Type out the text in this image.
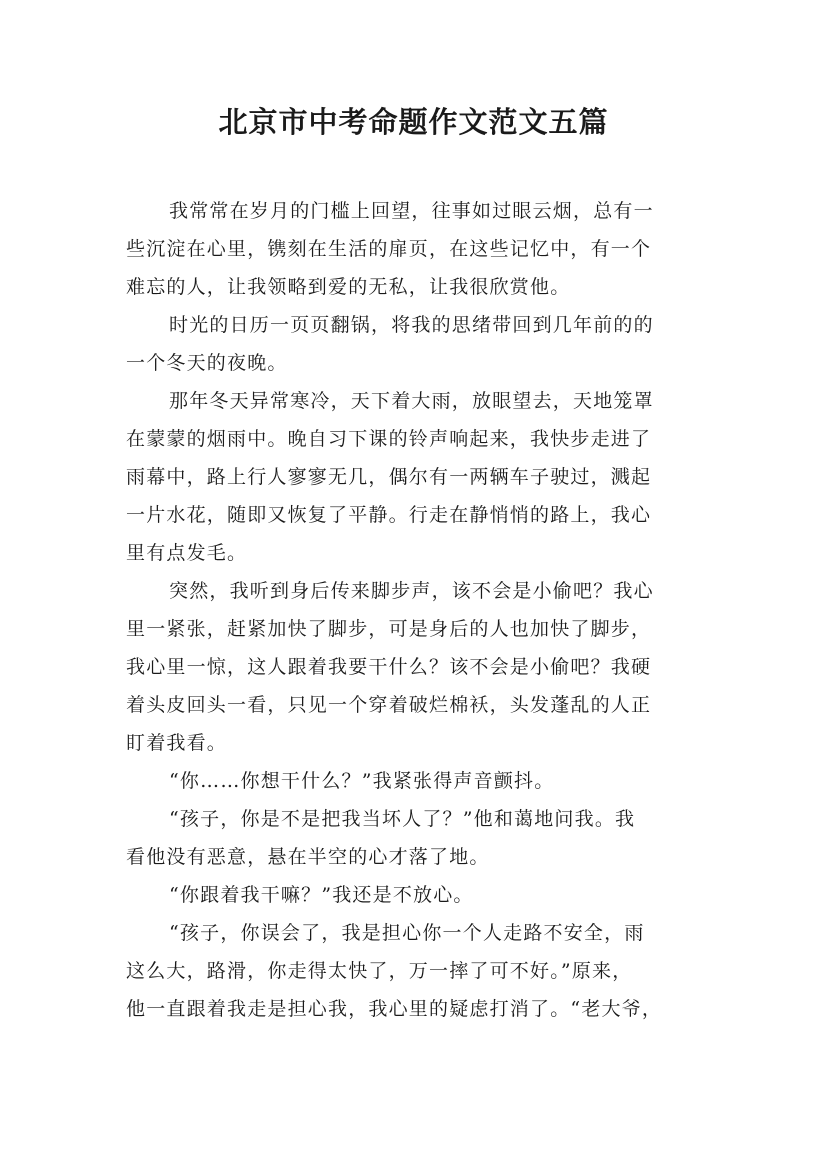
北京市中考命题作文范文五篇
我常常在岁月的门槛上回望，往事如过眼云烟，总有一
些沉淀在心里，镌刻在生活的扉页，在这些记忆中，有一个
难忘的人，让我领略到爱的无私，让我很欣赏他。
时光的日历一页页翻锅，将我的思绪带回到几年前的的
一个冬天的夜晚。
那年冬天异常寒冷，天下着大雨，放眼望去，天地笼罩
在蒙蒙的烟雨中。晚自习下课的铃声响起来，我快步走进了
雨幕中，路上行人寥寥无几，偶尔有一两辆车子驶过，溅起
一片水花，随即又恢复了平静。行走在静悄悄的路上，我心
里有点发毛。
突然，我听到身后传来脚步声，该不会是小偷吧？我心
里一紧张，赶紧加快了脚步，可是身后的人也加快了脚步，
我心里一惊，这人跟着我要干什么？该不会是小偷吧？我硬
着头皮回头一看，只见一个穿着破烂棉袄，头发蓬乱的人正
盯着我看。
“你……你想干什么？”我紧张得声音颤抖。
“孩子，你是不是把我当坏人了？”他和蔼地问我。我
看他没有恶意，悬在半空的心才落了地。
“你跟着我干嘛？”我还是不放心。
“孩子，你误会了，我是担心你一个人走路不安全，雨
这么大，路滑，你走得太快了，万一摔了可不好。”原来，
他一直跟着我走是担心我，我心里的疑虑打消了。“老大爷，
